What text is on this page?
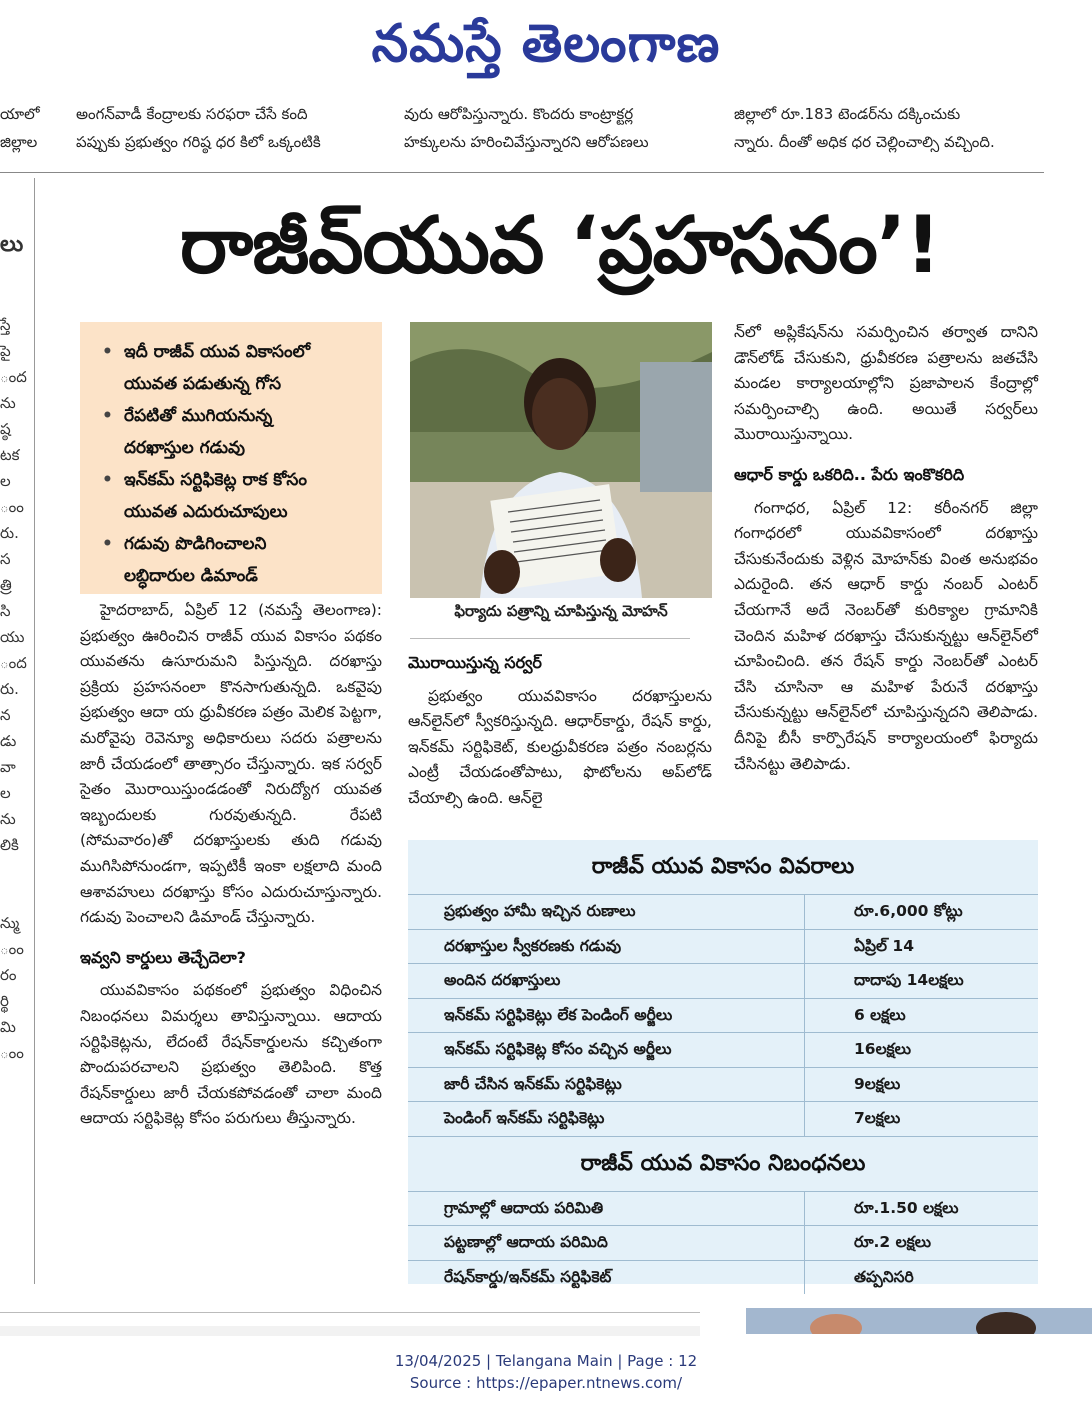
నమస్తే తెలంగాణ
యాలో
జిల్లాల
అంగన్‌వాడీ కేంద్రాలకు సరఫరా చేసే కంది
పప్పుకు ప్రభుత్వం గరిష్ఠ ధర కిలో ఒక్కంటికి
వురు ఆరోపిస్తున్నారు. కొందరు కాంట్రాక్టర్ల
హక్కులను హరించివేస్తున్నారని ఆరోపణలు
జిల్లాలో రూ.183 టెండర్‌ను దక్కించుకు
న్నారు. దీంతో అధిక ధర చెల్లించాల్సి వచ్చింది.
లు
స్తే
పై
ంద
ను
ష్ఠ
టక
ల
ంం
రు.
స
త్రి
సి
యు
ంద
రు.
న
డు
వా
ల
ను
లికి
న్ము
ంం
రం
ర్థి
మి
ంం
రాజీవ్‌యువ ‘ప్రహసనం’!
• ఇదీ రాజీవ్ యువ వికాసంలో
యువత పడుతున్న గోస
• రేపటితో ముగియనున్న
దరఖాస్తుల గడువు
• ఇన్‌కమ్ సర్టిఫికెట్ల రాక కోసం
యువత ఎదురుచూపులు
• గడువు పొడిగించాలని
లబ్ధిదారుల డిమాండ్

హైదరాబాద్, ఏప్రిల్ 12 (నమస్తే తెలంగాణ): ప్రభుత్వం ఊరించిన రాజీవ్ యువ వికాసం పథకం యువతను ఉసూరుమని పిస్తున్నది. దరఖాస్తు ప్రక్రియ ప్రహసనంలా కొనసాగుతున్నది. ఒకవైపు ప్రభుత్వం ఆదా య ధ్రువీకరణ పత్రం మెలిక పెట్టగా, మరోవైపు రెవెన్యూ అధికారులు సదరు పత్రాలను జారీ చేయడంలో తాత్సారం చేస్తున్నారు. ఇక సర్వర్ సైతం మొరాయిస్తుండడంతో నిరుద్యోగ యువత ఇబ్బందులకు గురవుతున్నది. రేపటి (సోమవారం)తో దరఖాస్తులకు తుది గడువు ముగిసిపోనుండగా, ఇప్పటికీ ఇంకా లక్షలాది మంది ఆశావహులు దరఖాస్తు కోసం ఎదురుచూస్తున్నారు. గడువు పెంచాలని డిమాండ్ చేస్తున్నారు.

ఇవ్వని కార్డులు తెచ్చేదెలా?

యువవికాసం పథకంలో ప్రభుత్వం విధించిన నిబంధనలు విమర్శలు తావిస్తున్నాయి. ఆదాయ సర్టిఫికెట్లను, లేదంటే రేషన్‌కార్డులను కచ్చితంగా పొందుపరచాలని ప్రభుత్వం తెలిపింది. కొత్త రేషన్‌కార్డులు జారీ చేయకపోవడంతో చాలా మంది ఆదాయ సర్టిఫికెట్ల కోసం పరుగులు తీస్తున్నారు.

ఫిర్యాదు పత్రాన్ని చూపిస్తున్న మోహన్
మొరాయిస్తున్న సర్వర్

ప్రభుత్వం యువవికాసం దరఖాస్తులను ఆన్‌లైన్‌లో స్వీకరిస్తున్నది. ఆధార్‌కార్డు, రేషన్ కార్డు, ఇన్‌కమ్ సర్టిఫికెట్, కులధ్రువీకరణ పత్రం నంబర్లను ఎంట్రీ చేయడంతోపాటు, ఫొటోలను అప్‌లోడ్ చేయాల్సి ఉంది. ఆన్‌లై

న్‌లో అప్లికేషన్‌ను సమర్పించిన తర్వాత దానిని డౌన్‌లోడ్ చేసుకుని, ధ్రువీకరణ పత్రాలను జతచేసి మండల కార్యాలయాల్లోని ప్రజాపాలన కేంద్రాల్లో సమర్పించాల్సి ఉంది. అయితే సర్వర్‌లు మొరాయిస్తున్నాయి.

ఆధార్ కార్డు ఒకరిది.. పేరు ఇంకొకరిది

గంగాధర, ఏప్రిల్ 12: కరీంనగర్ జిల్లా గంగాధరలో యువవికాసంలో దరఖాస్తు చేసుకునేందుకు వెళ్లిన మోహన్‌కు వింత అనుభవం ఎదురైంది. తన ఆధార్ కార్డు నంబర్ ఎంటర్ చేయగానే అదే నెంబర్‌తో కురిక్యాల గ్రామానికి చెందిన మహిళ దరఖాస్తు చేసుకున్నట్టు ఆన్‌లైన్‌లో చూపించింది. తన రేషన్ కార్డు నెంబర్‌తో ఎంటర్ చేసి చూసినా ఆ మహిళ పేరునే దరఖాస్తు చేసుకున్నట్టు ఆన్‌లైన్‌లో చూపిస్తున్నదని తెలిపాడు. దీనిపై బీసీ కార్పొరేషన్ కార్యాలయంలో ఫిర్యాదు చేసినట్టు తెలిపాడు.

రాజీవ్ యువ వికాసం వివరాలు
ప్రభుత్వం హామీ ఇచ్చిన రుణాలు	రూ.6,000 కోట్లు
దరఖాస్తుల స్వీకరణకు గడువు	ఏప్రిల్ 14
అందిన దరఖాస్తులు	దాదాపు 14లక్షలు
ఇన్‌కమ్ సర్టిఫికెట్లు లేక పెండింగ్ అర్జీలు	6 లక్షలు
ఇన్‌కమ్ సర్టిఫికెట్ల కోసం వచ్చిన అర్జీలు	16లక్షలు
జారీ చేసిన ఇన్‌కమ్ సర్టిఫికెట్లు	9లక్షలు
పెండింగ్ ఇన్‌కమ్ సర్టిఫికెట్లు	7లక్షలు
రాజీవ్ యువ వికాసం నిబంధనలు
గ్రామాల్లో ఆదాయ పరిమితి	రూ.1.50 లక్షలు
పట్టణాల్లో ఆదాయ పరిమిది	రూ.2 లక్షలు
రేషన్‌కార్డు/ఇన్‌కమ్ సర్టిఫికెట్	తప్పనిసరి
13/04/2025 | Telangana Main | Page : 12
Source : https://epaper.ntnews.com/
